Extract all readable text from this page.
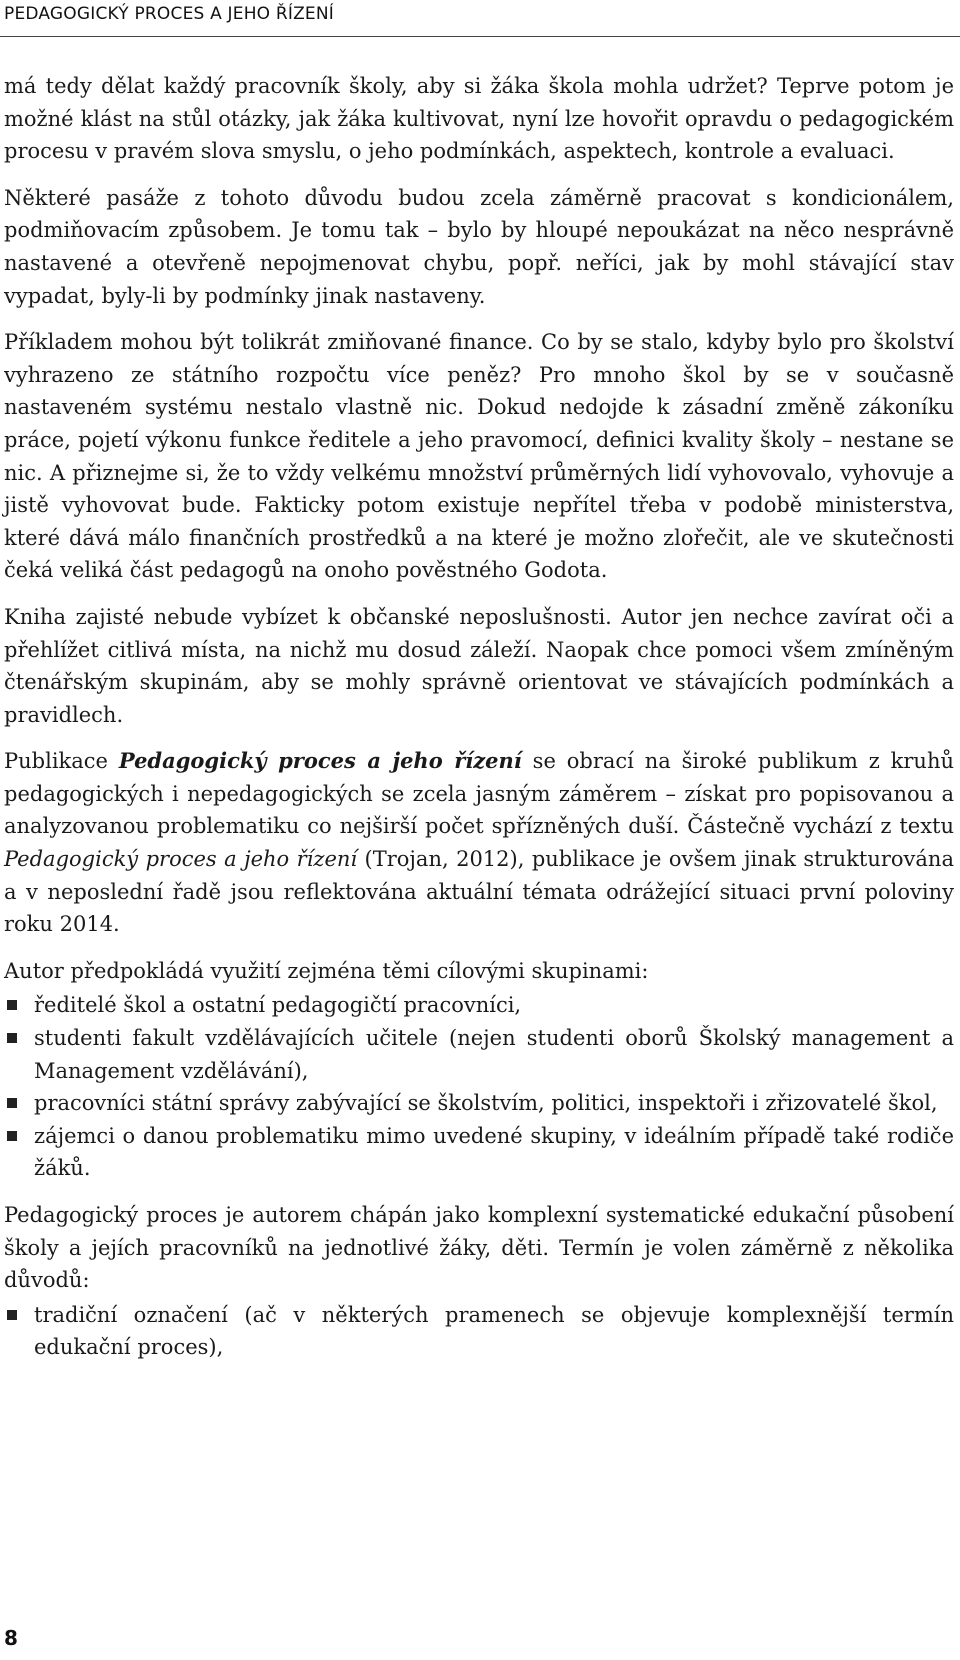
PEDAGOGICKÝ PROCES A JEHO ŘÍZENÍ

má tedy dělat každý pracovník školy, aby si žáka škola mohla udržet? Teprve potom je možné klást na stůl otázky, jak žáka kultivovat, nyní lze hovořit opravdu o pedagogickém procesu v pravém slova smyslu, o jeho podmínkách, aspektech, kontrole a evaluaci.

Některé pasáže z tohoto důvodu budou zcela záměrně pracovat s kondicionálem, podmiňovacím způsobem. Je tomu tak – bylo by hloupé nepoukázat na něco nesprávně nastavené a otevřeně nepojmenovat chybu, popř. neříci, jak by mohl stávající stav vypadat, byly-li by podmínky jinak nastaveny.

Příkladem mohou být tolikrát zmiňované finance. Co by se stalo, kdyby bylo pro školství vyhrazeno ze státního rozpočtu více peněz? Pro mnoho škol by se v současně nastaveném systému nestalo vlastně nic. Dokud nedojde k zásadní změně zákoníku práce, pojetí výkonu funkce ředitele a jeho pravomocí, definici kvality školy – nestane se nic. A přiznejme si, že to vždy velkému množství průměrných lidí vyhovovalo, vyhovuje a jistě vyhovovat bude. Fakticky potom existuje nepřítel třeba v podobě ministerstva, které dává málo finančních prostředků a na které je možno zlořečit, ale ve skutečnosti čeká veliká část pedagogů na onoho pověstného Godota.

Kniha zajisté nebude vybízet k občanské neposlušnosti. Autor jen nechce zavírat oči a přehlížet citlivá místa, na nichž mu dosud záleží. Naopak chce pomoci všem zmíněným čtenářským skupinám, aby se mohly správně orientovat ve stávajících podmínkách a pravidlech.

Publikace Pedagogický proces a jeho řízení se obrací na široké publikum z kruhů pedagogických i nepedagogických se zcela jasným záměrem – získat pro popisovanou a analyzovanou problematiku co nejširší počet spřízněných duší. Částečně vychází z textu Pedagogický proces a jeho řízení (Trojan, 2012), publikace je ovšem jinak strukturována a v neposlední řadě jsou reflektována aktuální témata odrážející situaci první poloviny roku 2014.

Autor předpokládá využití zejména těmi cílovými skupinami:

ředitelé škol a ostatní pedagogičtí pracovníci,
studenti fakult vzdělávajících učitele (nejen studenti oborů Školský management a Management vzdělávání),
pracovníci státní správy zabývající se školstvím, politici, inspektoři i zřizovatelé škol,
zájemci o danou problematiku mimo uvedené skupiny, v ideálním případě také rodiče žáků.

Pedagogický proces je autorem chápán jako komplexní systematické edukační působení školy a jejích pracovníků na jednotlivé žáky, děti. Termín je volen záměrně z několika důvodů:

tradiční označení (ač v některých pramenech se objevuje komplexnější termín edukační proces),
8
